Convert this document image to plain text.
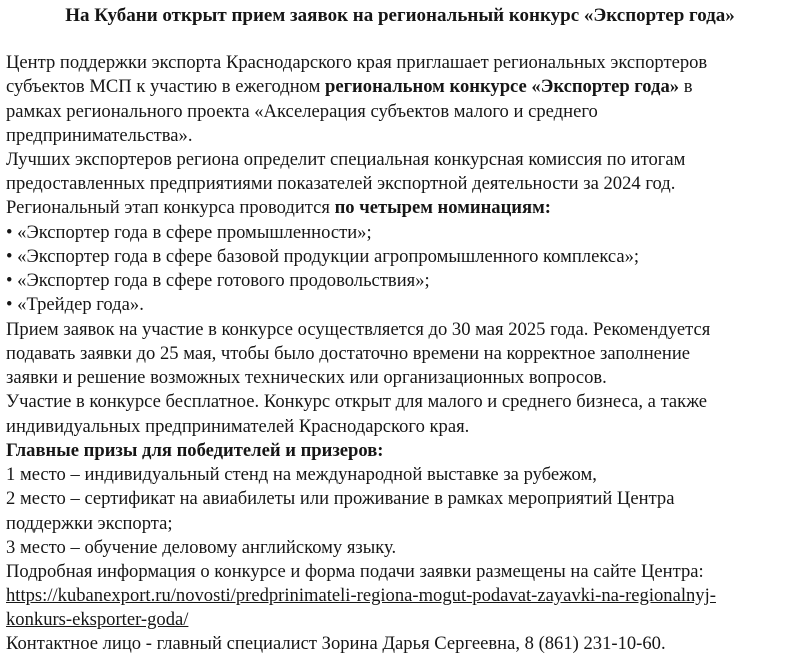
На Кубани открыт прием заявок на региональный конкурс «Экспортер года»
Центр поддержки экспорта Краснодарского края приглашает региональных экспортеров
субъектов МСП к участию в ежегодном региональном конкурсе «Экспортер года» в
рамках регионального проекта «Акселерация субъектов малого и среднего
предпринимательства».
Лучших экспортеров региона определит специальная конкурсная комиссия по итогам
предоставленных предприятиями показателей экспортной деятельности за 2024 год.
Региональный этап конкурса проводится по четырем номинациям:
• «Экспортер года в сфере промышленности»;
• «Экспортер года в сфере базовой продукции агропромышленного комплекса»;
• «Экспортер года в сфере готового продовольствия»;
• «Трейдер года».
Прием заявок на участие в конкурсе осуществляется до 30 мая 2025 года. Рекомендуется
подавать заявки до 25 мая, чтобы было достаточно времени на корректное заполнение
заявки и решение возможных технических или организационных вопросов.
Участие в конкурсе бесплатное. Конкурс открыт для малого и среднего бизнеса, а также
индивидуальных предпринимателей Краснодарского края.
Главные призы для победителей и призеров:
1 место – индивидуальный стенд на международной выставке за рубежом,
2 место – сертификат на авиабилеты или проживание в рамках мероприятий Центра
поддержки экспорта;
3 место – обучение деловому английскому языку.
Подробная информация о конкурсе и форма подачи заявки размещены на сайте Центра:
https://kubanexport.ru/novosti/predprinimateli-regiona-mogut-podavat-zayavki-na-regionalnyj-
konkurs-eksporter-goda/
Контактное лицо - главный специалист Зорина Дарья Сергеевна, 8 (861) 231-10-60.
